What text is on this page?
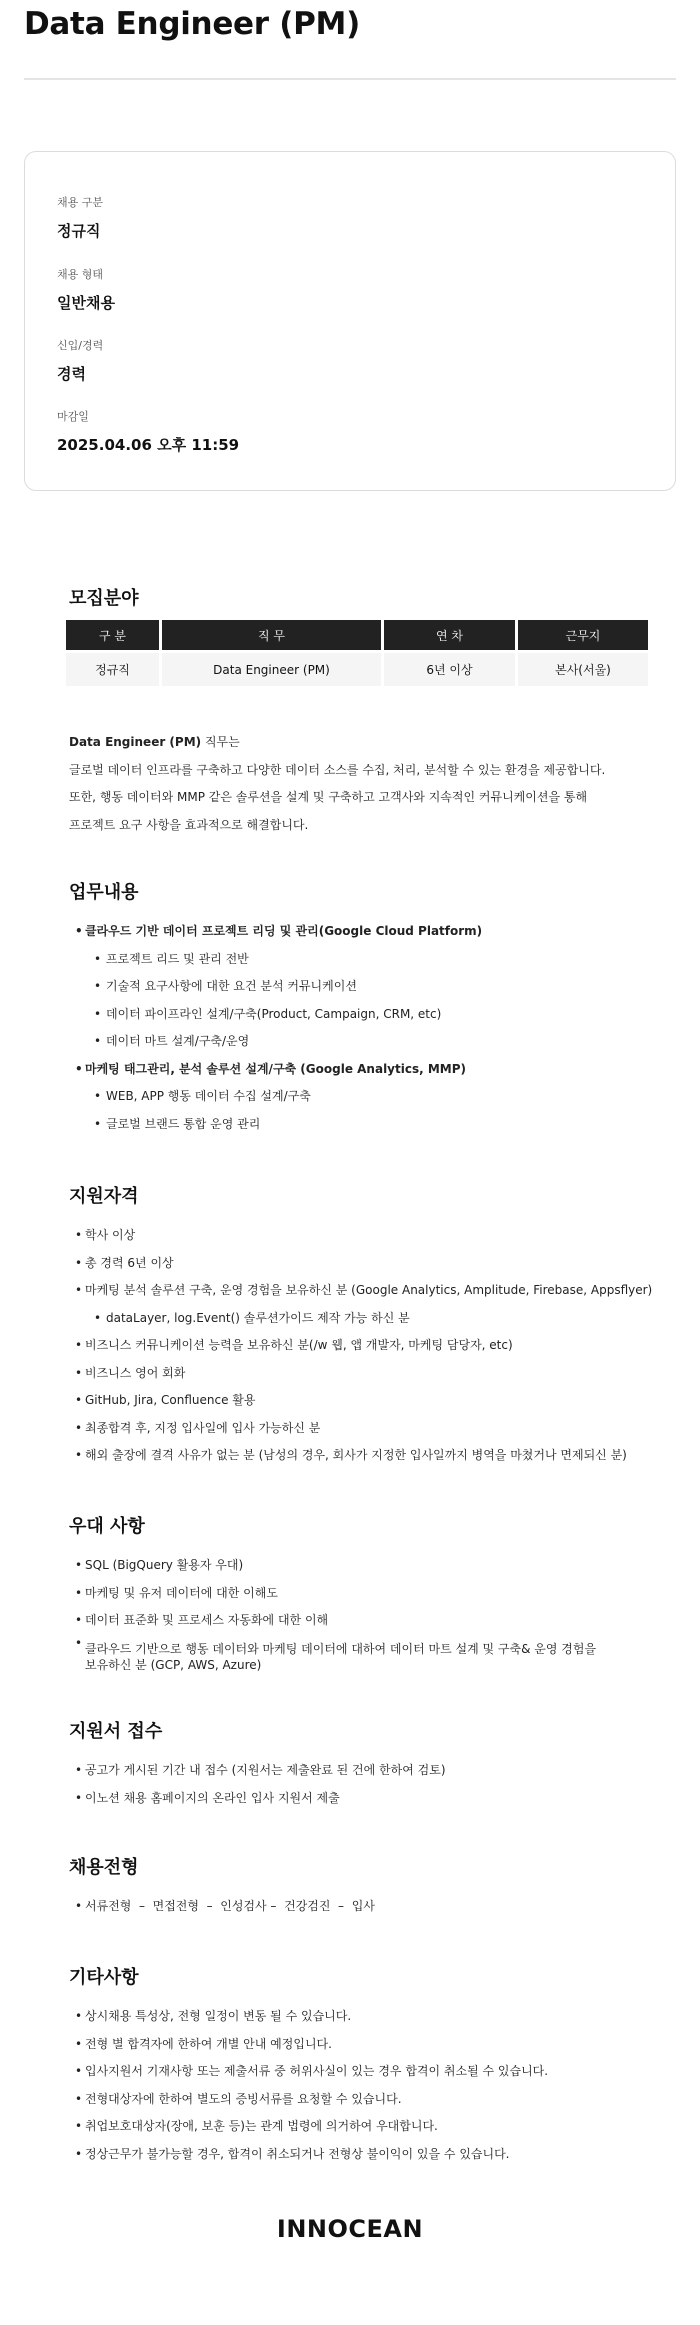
Data Engineer (PM)
채용 구분
정규직
채용 형태
일반채용
신입/경력
경력
마감일
2025.04.06 오후 11:59
모집분야
구 분	직 무	연 차	근무지
정규직	Data Engineer (PM)	6년 이상	본사(서울)
Data Engineer (PM) 직무는
글로벌 데이터 인프라를 구축하고 다양한 데이터 소스를 수집, 처리, 분석할 수 있는 환경을 제공합니다.
또한, 행동 데이터와 MMP 같은 솔루션을 설계 및 구축하고 고객사와 지속적인 커뮤니케이션을 통해
프로젝트 요구 사항을 효과적으로 해결합니다.
업무내용
• 클라우드 기반 데이터 프로젝트 리딩 및 관리(Google Cloud Platform)
• 프로젝트 리드 및 관리 전반
• 기술적 요구사항에 대한 요건 분석 커뮤니케이션
• 데이터 파이프라인 설계/구축(Product, Campaign, CRM, etc)
• 데이터 마트 설계/구축/운영
• 마케팅 태그관리, 분석 솔루션 설계/구축 (Google Analytics, MMP)
• WEB, APP 행동 데이터 수집 설계/구축
• 글로벌 브랜드 통합 운영 관리
지원자격
• 학사 이상
• 총 경력 6년 이상
• 마케팅 분석 솔루션 구축, 운영 경험을 보유하신 분 (Google Analytics, Amplitude, Firebase, Appsflyer)
• dataLayer, log.Event() 솔루션가이드 제작 가능 하신 분
• 비즈니스 커뮤니케이션 능력을 보유하신 분(/w 웹, 앱 개발자, 마케팅 담당자, etc)
• 비즈니스 영어 회화
• GitHub, Jira, Confluence 활용
• 최종합격 후, 지정 입사일에 입사 가능하신 분
• 해외 출장에 결격 사유가 없는 분 (남성의 경우, 회사가 지정한 입사일까지 병역을 마쳤거나 면제되신 분)
우대 사항
• SQL (BigQuery 활용자 우대)
• 마케팅 및 유저 데이터에 대한 이해도
• 데이터 표준화 및 프로세스 자동화에 대한 이해
• 클라우드 기반으로 행동 데이터와 마케팅 데이터에 대하여 데이터 마트 설계 및 구축& 운영 경험을
보유하신 분 (GCP, AWS, Azure)
지원서 접수
• 공고가 게시된 기간 내 접수 (지원서는 제출완료 된 건에 한하여 검토)
• 이노션 채용 홈페이지의 온라인 입사 지원서 제출
채용전형
• 서류전형  –  면접전형  –  인성검사 –  건강검진  –  입사
기타사항
• 상시채용 특성상, 전형 일정이 변동 될 수 있습니다.
• 전형 별 합격자에 한하여 개별 안내 예정입니다.
• 입사지원서 기재사항 또는 제출서류 중 허위사실이 있는 경우 합격이 취소될 수 있습니다.
• 전형대상자에 한하여 별도의 증빙서류를 요청할 수 있습니다.
• 취업보호대상자(장애, 보훈 등)는 관계 법령에 의거하여 우대합니다.
• 정상근무가 불가능할 경우, 합격이 취소되거나 전형상 불이익이 있을 수 있습니다.
INNOCEAN
